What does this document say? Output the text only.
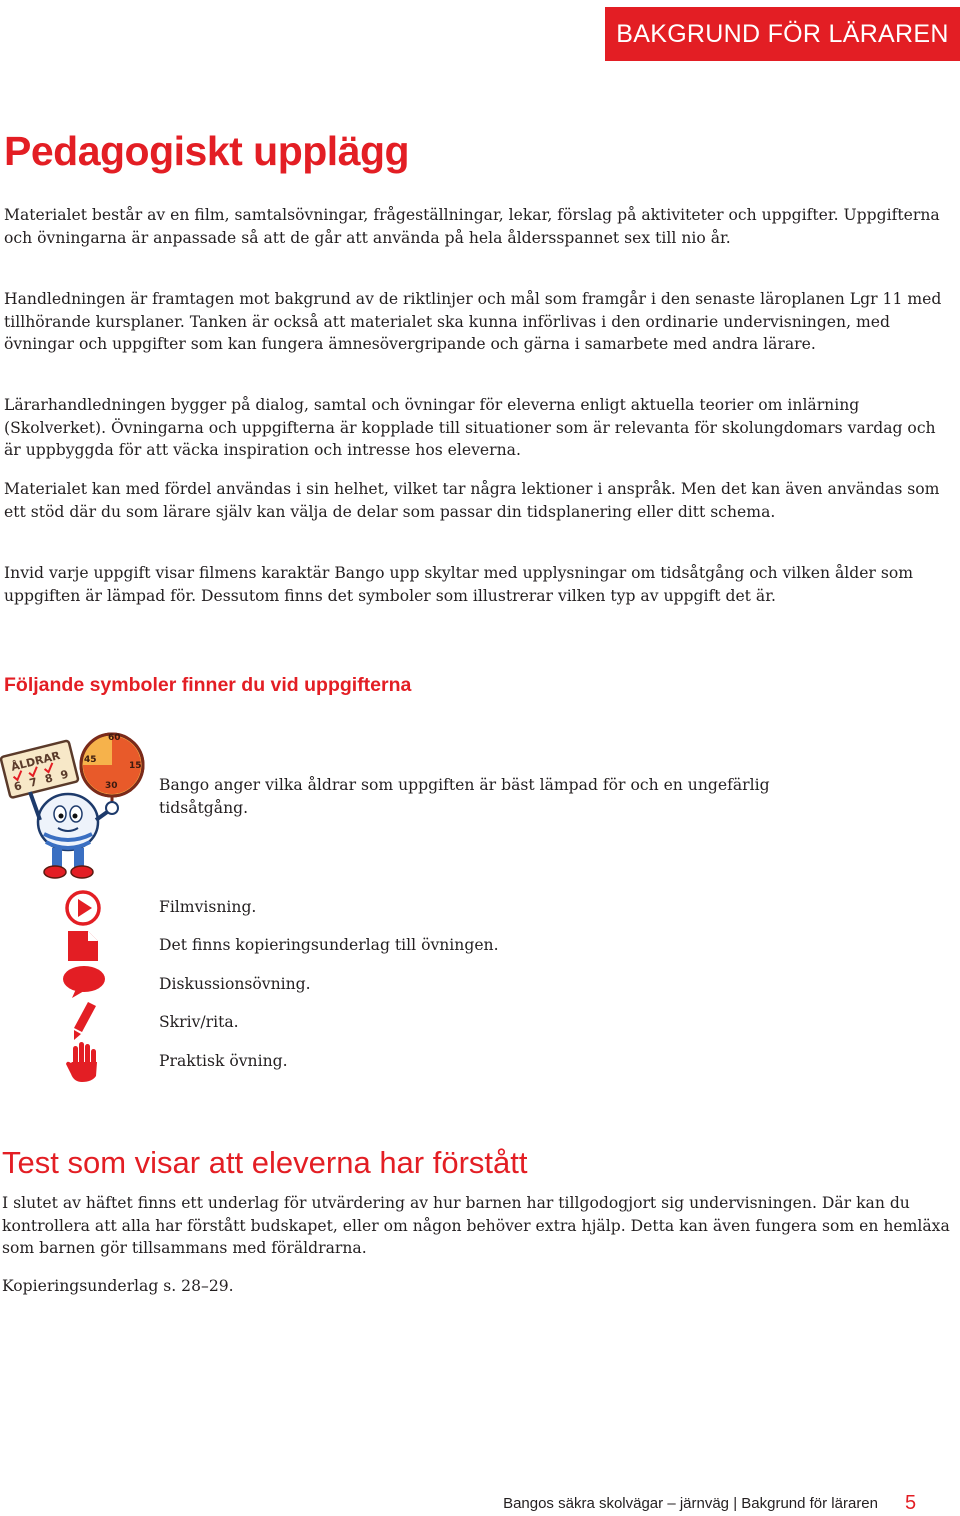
BAKGRUND FÖR LÄRAREN
Pedagogiskt upplägg

Materialet består av en film, samtalsövningar, frågeställningar, lekar, förslag på aktiviteter och uppgifter. Uppgifterna och övningarna är anpassade så att de går att använda på hela åldersspannet sex till nio år.

Handledningen är framtagen mot bakgrund av de riktlinjer och mål som framgår i den senaste läroplanen Lgr 11 med tillhörande kursplaner. Tanken är också att materialet ska kunna införlivas i den ordinarie undervisningen, med övningar och uppgifter som kan fungera ämnesövergripande och gärna i samarbete med andra lärare.

Lärarhandledningen bygger på dialog, samtal och övningar för eleverna enligt aktuella teorier om inlärning (Skolverket). Övningarna och uppgifterna är kopplade till situationer som är relevanta för skolungdomars vardag och är uppbyggda för att väcka inspiration och intresse hos eleverna.

Materialet kan med fördel användas i sin helhet, vilket tar några lektioner i anspråk. Men det kan även användas som ett stöd där du som lärare själv kan välja de delar som passar din tidsplanering eller ditt schema.

Invid varje uppgift visar filmens karaktär Bango upp skyltar med upplysningar om tidsåtgång och vilken ålder som uppgiften är lämpad för. Dessutom finns det symboler som illustrerar vilken typ av uppgift det är.

Följande symboler finner du vid uppgifterna
60
15
30
45
ÅLDRAR
6 7 8 9

Bango anger vilka åldrar som uppgiften är bäst lämpad för och en ungefärlig tidsåtgång.

Filmvisning.

Det finns kopieringsunderlag till övningen.

Diskussionsövning.

Skriv/rita.

Praktisk övning.

Test som visar att eleverna har förstått

I slutet av häftet finns ett underlag för utvärdering av hur barnen har tillgodogjort sig undervisningen. Där kan du kontrollera att alla har förstått budskapet, eller om någon behöver extra hjälp. Detta kan även fungera som en hemläxa som barnen gör tillsammans med föräldrarna.

Kopieringsunderlag s. 28–29.

Bangos säkra skolvägar – järnväg | Bakgrund för läraren 5
